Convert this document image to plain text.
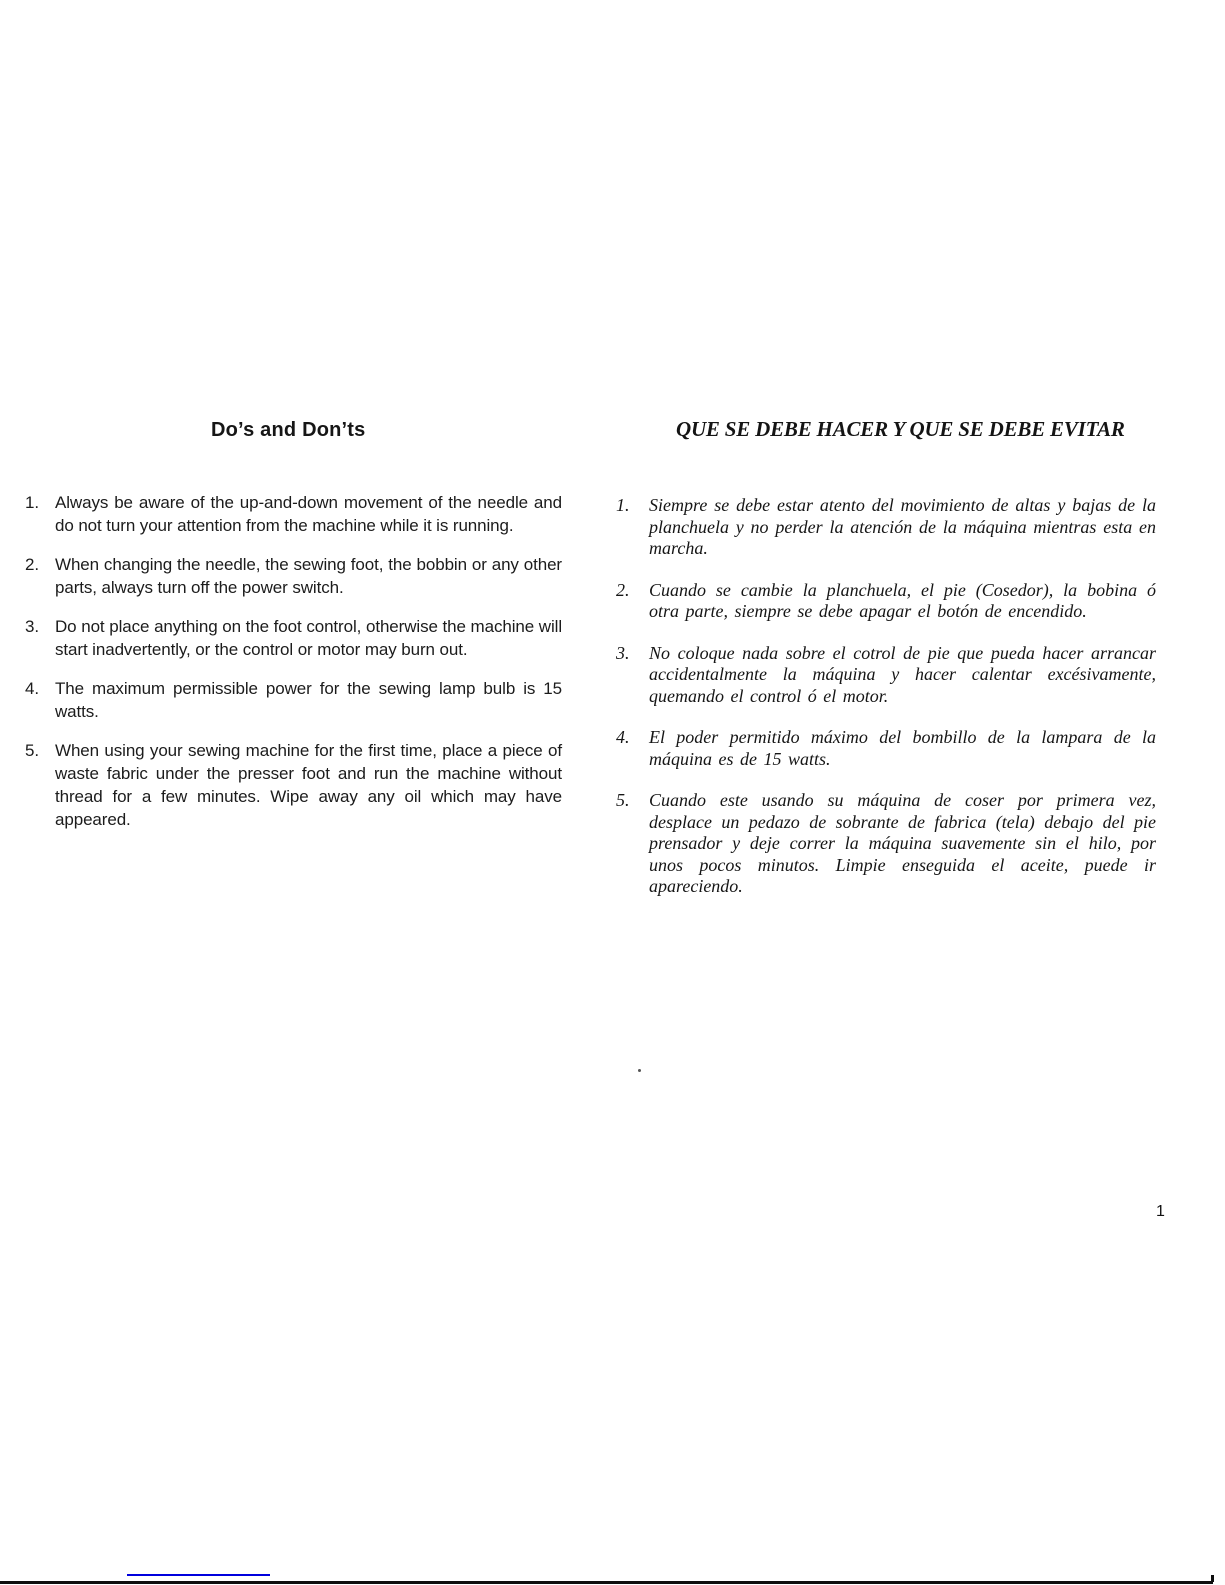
Do’s and Don’ts	QUE SE DEBE HACER Y QUE SE DEBE EVITAR
1. Always be aware of the up-and-down movement of the needle and do not turn your attention from the machine while it is running.
2. When changing the needle, the sewing foot, the bobbin or any other parts, always turn off the power switch.
3. Do not place anything on the foot control, otherwise the machine will start inadvertently, or the control or motor may burn out.
4. The maximum permissible power for the sewing lamp bulb is 15 watts.
5. When using your sewing machine for the first time, place a piece of waste fabric under the presser foot and run the machine without thread for a few minutes. Wipe away any oil which may have appeared.
1.	Siempre se debe estar atento del movimiento de altas y bajas de la planchuela y no perder la atención de la máquina mientras esta en marcha.
2.	Cuando se cambie la planchuela, el pie (Cosedor), la bobina ó otra parte, siempre se debe apagar el botón de encendido.
3.	No coloque nada sobre el cotrol de pie que pueda hacer arrancar accidentalmente la máquina y hacer calentar excésivamente, quemando el control ó el motor.
4.	El poder permitido máximo del bombillo de la lampara de la máquina es de 15 watts.
5.	Cuando este usando su máquina de coser por primera vez, desplace un pedazo de sobrante de fabrica (tela) debajo del pie prensador y deje correr la máquina suavemente sin el hilo, por unos pocos minutos. Limpie enseguida el aceite, puede ir apareciendo.
1
